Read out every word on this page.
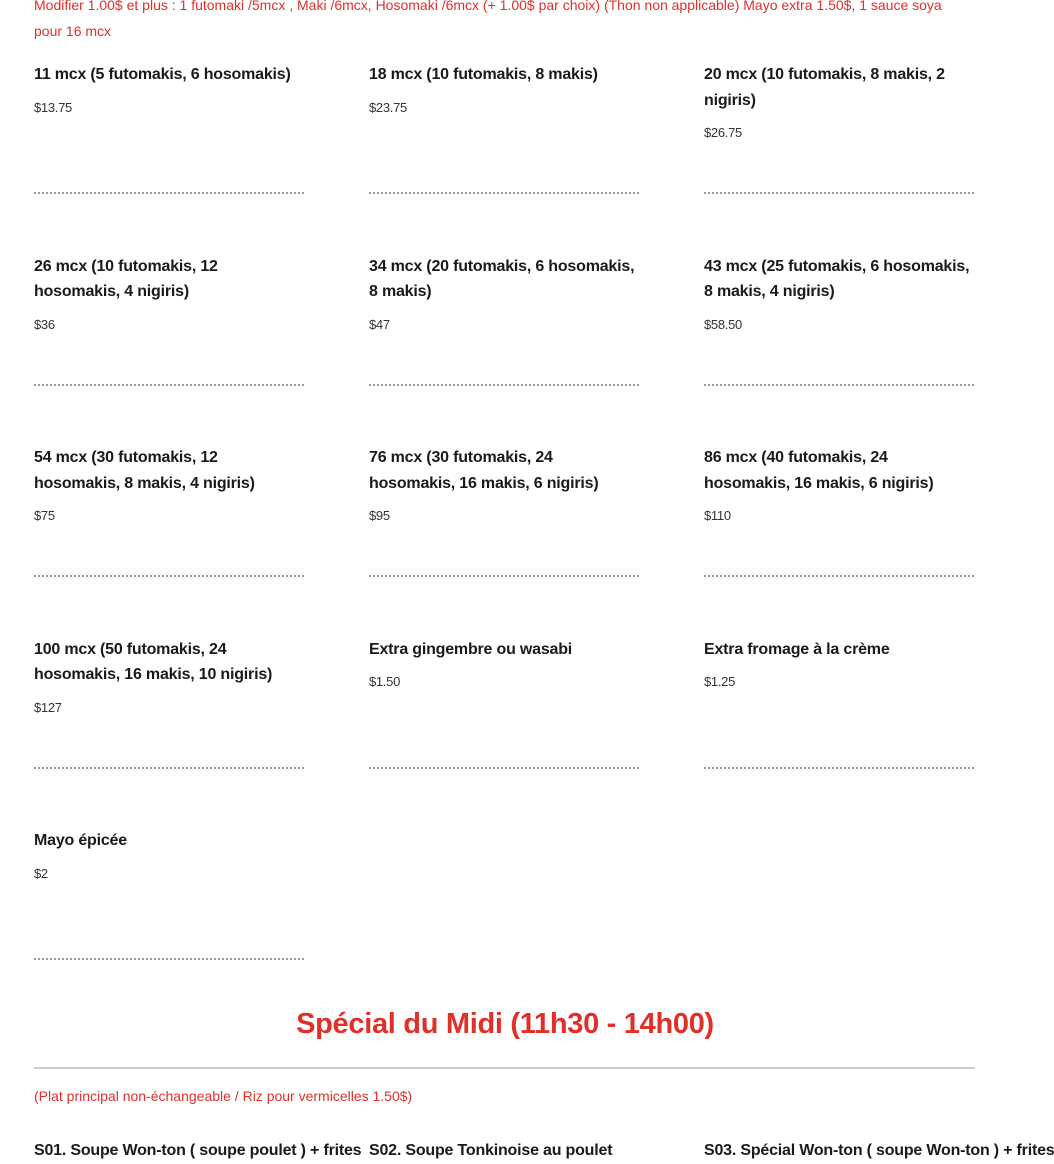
Modifier 1.00$ et plus : 1 futomaki /5mcx , Maki /6mcx, Hosomaki /6mcx (+ 1.00$ par choix) (Thon non applicable) Mayo extra 1.50$, 1 sauce soya pour 16 mcx
11 mcx (5 futomakis, 6 hosomakis)
$13.75
18 mcx (10 futomakis, 8 makis)
$23.75
20 mcx (10 futomakis, 8 makis, 2 nigiris)
$26.75
26 mcx (10 futomakis, 12 hosomakis, 4 nigiris)
$36
34 mcx (20 futomakis, 6 hosomakis, 8 makis)
$47
43 mcx (25 futomakis, 6 hosomakis, 8 makis, 4 nigiris)
$58.50
54 mcx (30 futomakis, 12 hosomakis, 8 makis, 4 nigiris)
$75
76 mcx (30 futomakis, 24 hosomakis, 16 makis, 6 nigiris)
$95
86 mcx (40 futomakis, 24 hosomakis, 16 makis, 6 nigiris)
$110
100 mcx (50 futomakis, 24 hosomakis, 16 makis, 10 nigiris)
$127
Extra gingembre ou wasabi
$1.50
Extra fromage à la crème
$1.25
Mayo épicée
$2
Spécial du Midi (11h30 - 14h00)
(Plat principal non-échangeable / Riz pour vermicelles 1.50$)
S01. Soupe Won-ton ( soupe poulet ) + frites S02. Soupe Tonkinoise au poulet	S03. Spécial Won-ton ( soupe Won-ton ) + frites
